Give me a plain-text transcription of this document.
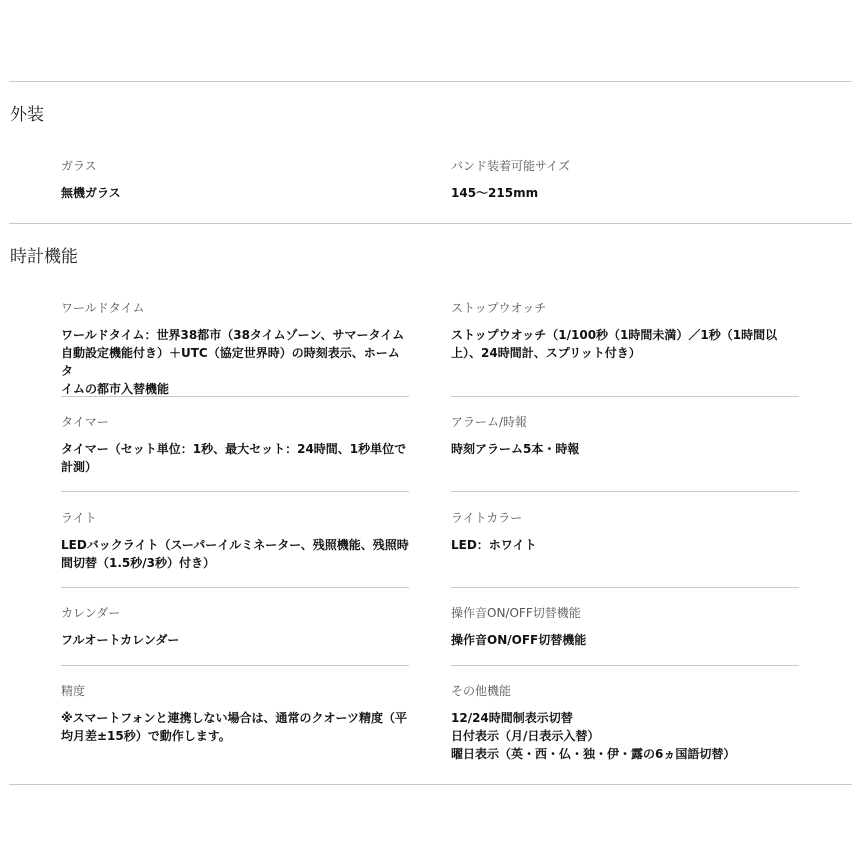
外装
ガラス
無機ガラス
バンド装着可能サイズ
145〜215mm
時計機能
ワールドタイム
ワールドタイム：世界38都市（38タイムゾーン、サマータイム
自動設定機能付き）＋UTC（協定世界時）の時刻表示、ホームタ
イムの都市入替機能
ストップウオッチ
ストップウオッチ（1/100秒（1時間未満）／1秒（1時間以
上）、24時間計、スプリット付き）
タイマー
タイマー（セット単位：1秒、最大セット：24時間、1秒単位で
計測）
アラーム/時報
時刻アラーム5本・時報
ライト
LEDバックライト（スーパーイルミネーター、残照機能、残照時
間切替（1.5秒/3秒）付き）
ライトカラー
LED：ホワイト
カレンダー
フルオートカレンダー
操作音ON/OFF切替機能
操作音ON/OFF切替機能
精度
※スマートフォンと連携しない場合は、通常のクオーツ精度（平
均月差±15秒）で動作します。
その他機能
12/24時間制表示切替
日付表示（月/日表示入替）
曜日表示（英・西・仏・独・伊・露の6ヵ国語切替）
